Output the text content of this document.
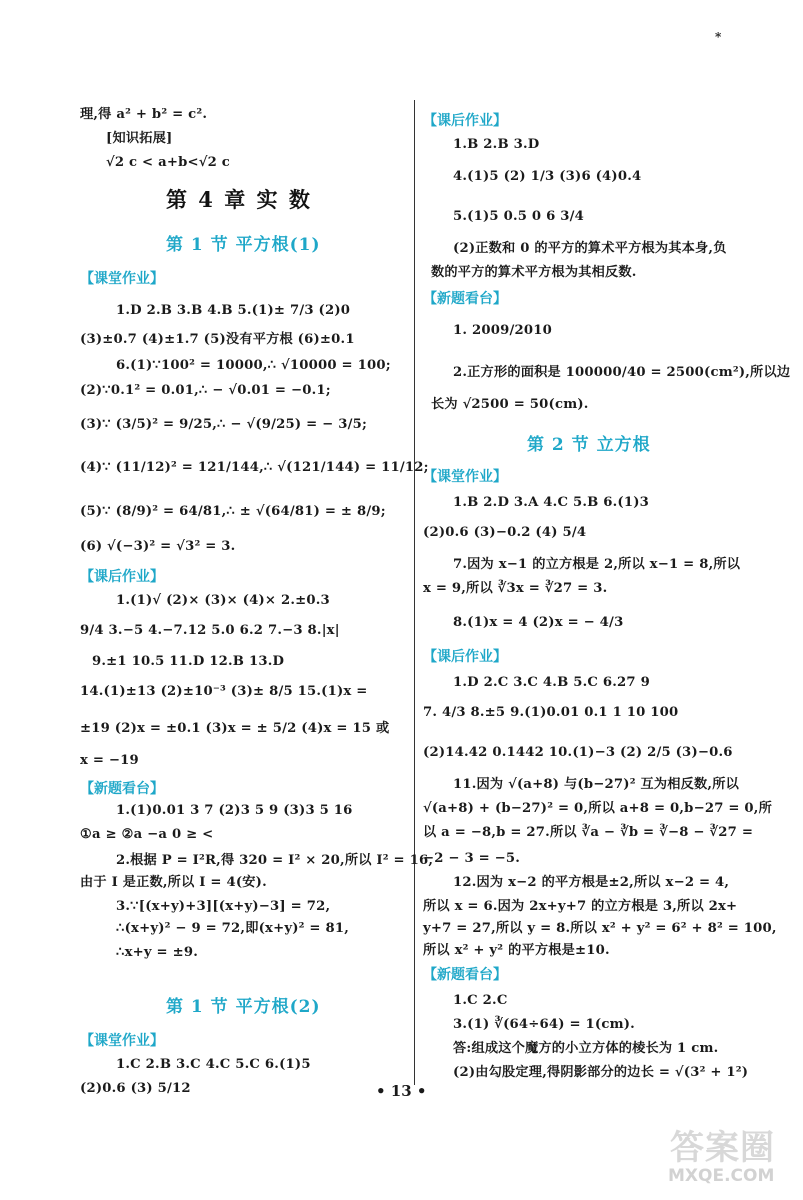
*
理,得 a² + b² = c².
[知识拓展]
√2 c < a+b<√2 c
第 4 章 实 数
第 1 节 平方根(1)
【课堂作业】
1.D 2.B 3.B 4.B 5.(1)± 7/3 (2)0
(3)±0.7 (4)±1.7 (5)没有平方根 (6)±0.1
6.(1)∵100² = 10000,∴ √10000 = 100;
(2)∵0.1² = 0.01,∴ − √0.01 = −0.1;
(3)∵ (3/5)² = 9/25,∴ − √(9/25) = − 3/5;
(4)∵ (11/12)² = 121/144,∴ √(121/144) = 11/12;
(5)∵ (8/9)² = 64/81,∴ ± √(64/81) = ± 8/9;
(6) √(−3)² = √3² = 3.
【课后作业】
1.(1)√ (2)× (3)× (4)× 2.±0.3
9/4 3.−5 4.−7.12 5.0 6.2 7.−3 8.|x|
9.±1 10.5 11.D 12.B 13.D
14.(1)±13 (2)±10⁻³ (3)± 8/5 15.(1)x =
±19 (2)x = ±0.1 (3)x = ± 5/2 (4)x = 15 或
x = −19
【新题看台】
1.(1)0.01 3 7 (2)3 5 9 (3)3 5 16
①a ≥ ②a −a 0 ≥ <
2.根据 P = I²R,得 320 = I² × 20,所以 I² = 16,
由于 I 是正数,所以 I = 4(安).
3.∵[(x+y)+3][(x+y)−3] = 72,
∴(x+y)² − 9 = 72,即(x+y)² = 81,
∴x+y = ±9.
第 1 节 平方根(2)
【课堂作业】
1.C 2.B 3.C 4.C 5.C 6.(1)5
(2)0.6 (3) 5/12
【课后作业】
1.B 2.B 3.D
4.(1)5 (2) 1/3 (3)6 (4)0.4
5.(1)5 0.5 0 6 3/4
(2)正数和 0 的平方的算术平方根为其本身,负
数的平方的算术平方根为其相反数.
【新题看台】
1. 2009/2010
2.正方形的面积是 100000/40 = 2500(cm²),所以边
长为 √2500 = 50(cm).
第 2 节 立方根
【课堂作业】
1.B 2.D 3.A 4.C 5.B 6.(1)3
(2)0.6 (3)−0.2 (4) 5/4
7.因为 x−1 的立方根是 2,所以 x−1 = 8,所以
x = 9,所以 ∛3x = ∛27 = 3.
8.(1)x = 4 (2)x = − 4/3
【课后作业】
1.D 2.C 3.C 4.B 5.C 6.27 9
7. 4/3 8.±5 9.(1)0.01 0.1 1 10 100
(2)14.42 0.1442 10.(1)−3 (2) 2/5 (3)−0.6
11.因为 √(a+8) 与(b−27)² 互为相反数,所以
√(a+8) + (b−27)² = 0,所以 a+8 = 0,b−27 = 0,所
以 a = −8,b = 27.所以 ∛a − ∛b = ∛−8 − ∛27 =
−2 − 3 = −5.
12.因为 x−2 的平方根是±2,所以 x−2 = 4,
所以 x = 6.因为 2x+y+7 的立方根是 3,所以 2x+
y+7 = 27,所以 y = 8.所以 x² + y² = 6² + 8² = 100,
所以 x² + y² 的平方根是±10.
【新题看台】
1.C 2.C
3.(1) ∛(64÷64) = 1(cm).
答:组成这个魔方的小立方体的棱长为 1 cm.
(2)由勾股定理,得阴影部分的边长 = √(3² + 1²)
• 13 •
答案圈
MXQE.COM
